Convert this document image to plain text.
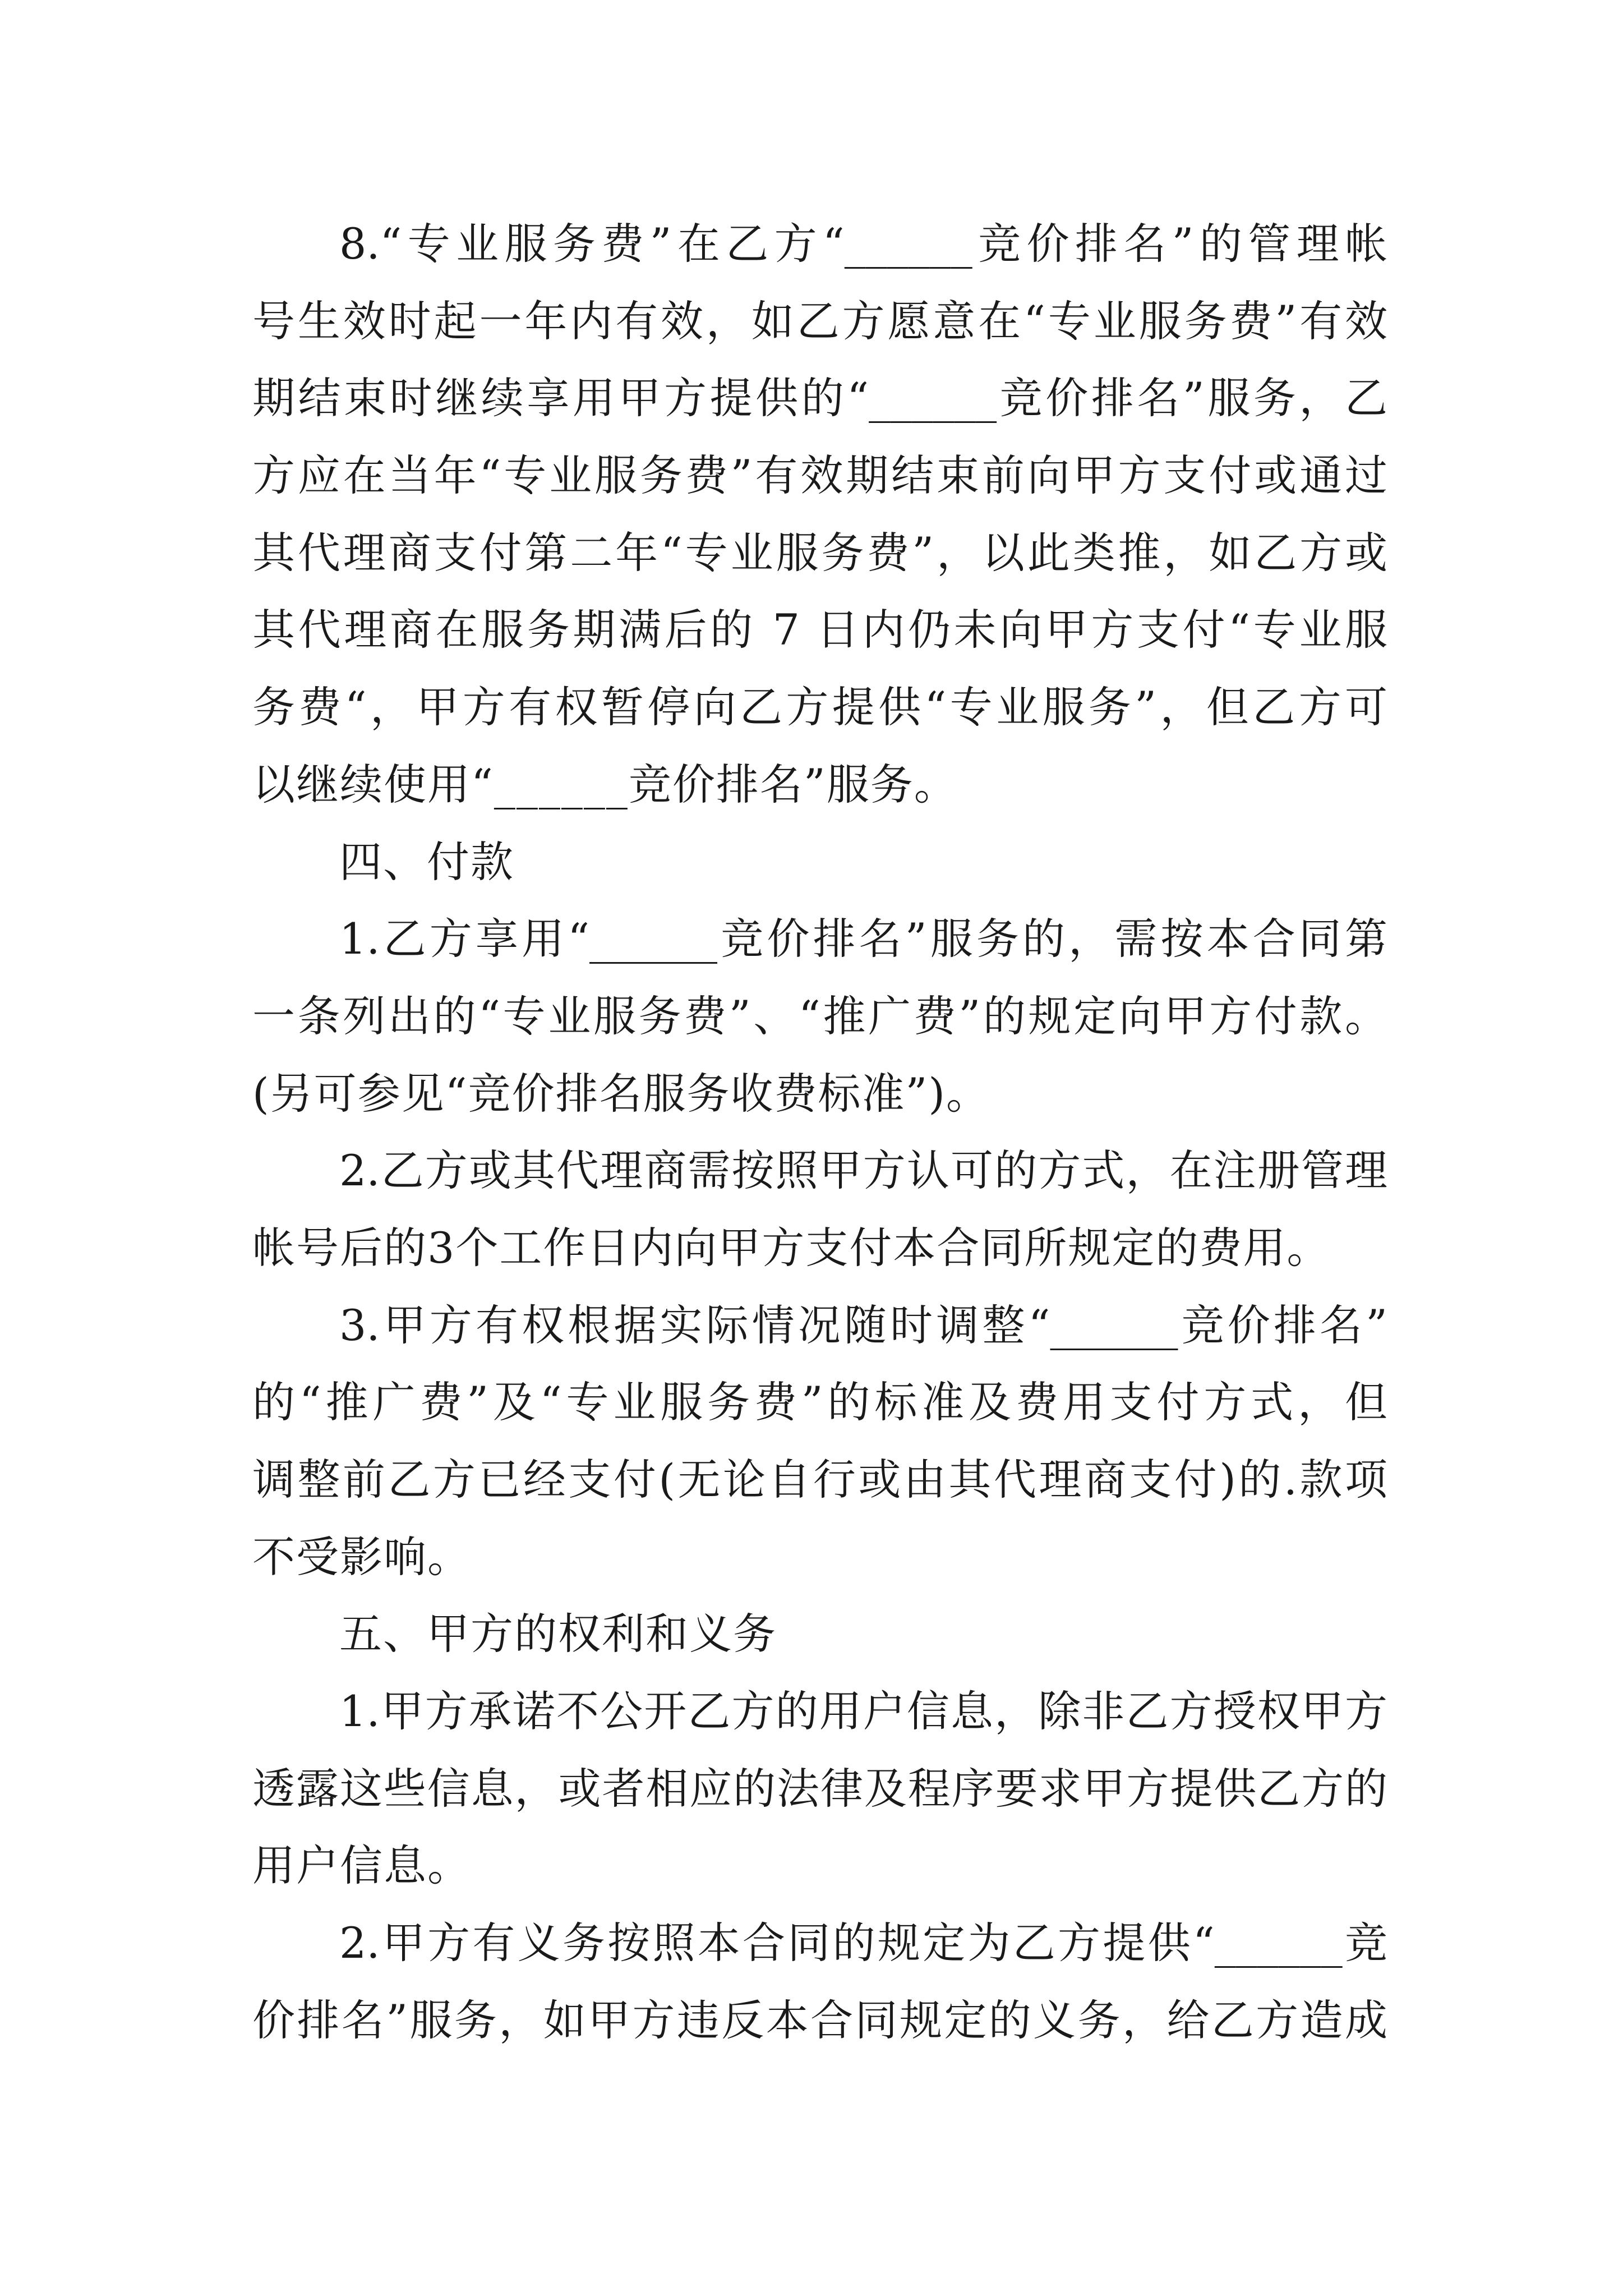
8.“专业服务费”在乙方“______竞价排名”的管理帐
号生效时起一年内有效，如乙方愿意在“专业服务费”有效
期结束时继续享用甲方提供的“______竞价排名”服务，乙
方应在当年“专业服务费”有效期结束前向甲方支付或通过
其代理商支付第二年“专业服务费”，以此类推，如乙方或
其代理商在服务期满后的 7 日内仍未向甲方支付“专业服
务费“，甲方有权暂停向乙方提供“专业服务”，但乙方可
以继续使用“______竞价排名”服务。
四、付款
1.乙方享用“______竞价排名”服务的，需按本合同第
一条列出的“专业服务费”、“推广费”的规定向甲方付款。
(另可参见“竞价排名服务收费标准”)。
2.乙方或其代理商需按照甲方认可的方式，在注册管理
帐号后的3个工作日内向甲方支付本合同所规定的费用。
3.甲方有权根据实际情况随时调整“______竞价排名”
的“推广费”及“专业服务费”的标准及费用支付方式，但
调整前乙方已经支付(无论自行或由其代理商支付)的.款项
不受影响。
五、甲方的权利和义务
1.甲方承诺不公开乙方的用户信息，除非乙方授权甲方
透露这些信息，或者相应的法律及程序要求甲方提供乙方的
用户信息。
2.甲方有义务按照本合同的规定为乙方提供“______竞
价排名”服务，如甲方违反本合同规定的义务，给乙方造成
